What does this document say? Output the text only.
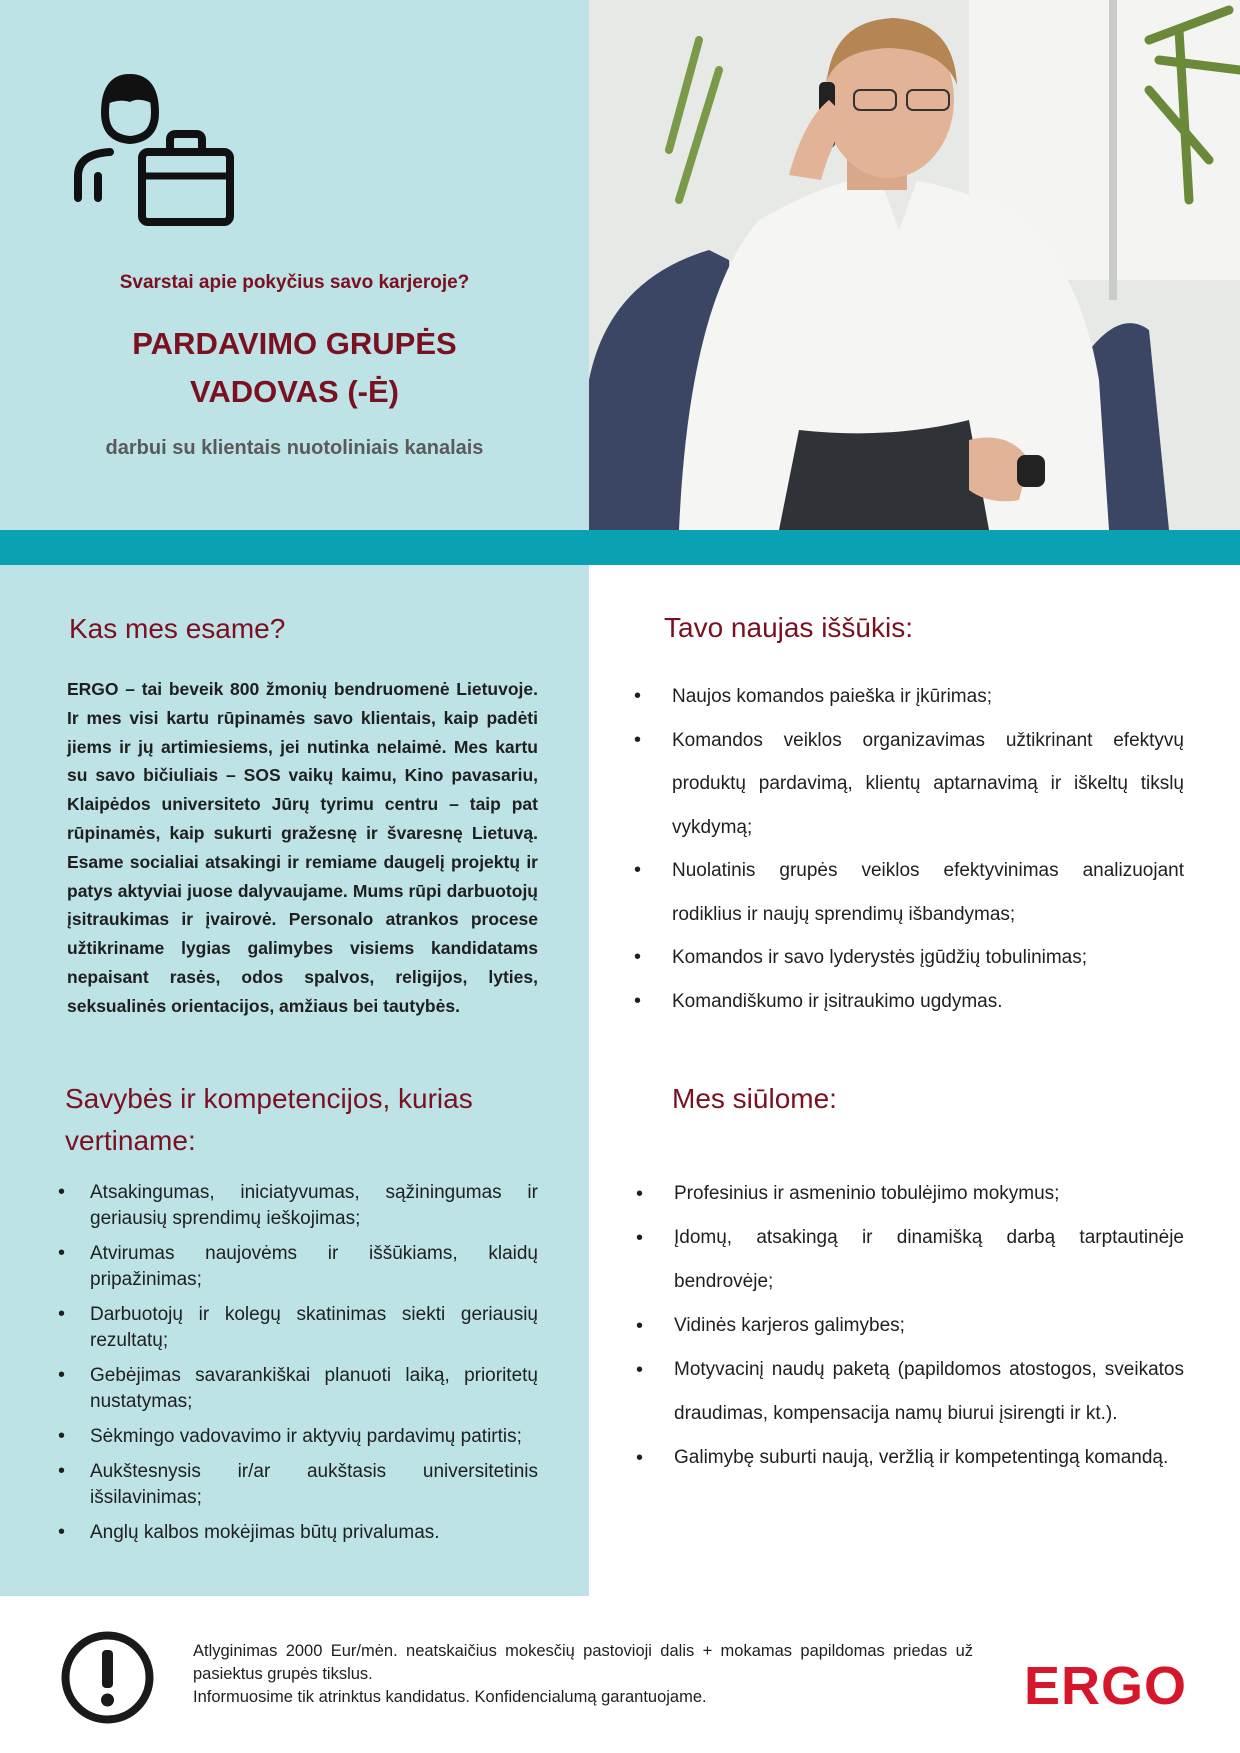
Svarstai apie pokyčius savo karjeroje?
PARDAVIMO GRUPĖS
VADOVAS (-Ė)
darbui su klientais nuotoliniais kanalais
Kas mes esame?
ERGO – tai beveik 800 žmonių bendruomenė Lietuvoje. Ir mes visi kartu rūpinamės savo klientais, kaip padėti jiems ir jų artimiesiems, jei nutinka nelaimė. Mes kartu su savo bičiuliais – SOS vaikų kaimu, Kino pavasariu, Klaipėdos universiteto Jūrų tyrimu centru – taip pat rūpinamės, kaip sukurti gražesnę ir švaresnę Lietuvą. Esame socialiai atsakingi ir remiame daugelį projektų ir patys aktyviai juose dalyvaujame. Mums rūpi darbuotojų įsitraukimas ir įvairovė. Personalo atrankos procese užtikriname lygias galimybes visiems kandidatams nepaisant rasės, odos spalvos, religijos, lyties, seksualinės orientacijos, amžiaus bei tautybės.
Savybės ir kompetencijos, kurias
vertiname:
• Atsakingumas, iniciatyvumas, sąžiningumas ir geriausių sprendimų ieškojimas;
• Atvirumas naujovėms ir iššūkiams, klaidų pripažinimas;
• Darbuotojų ir kolegų skatinimas siekti geriausių rezultatų;
• Gebėjimas savarankiškai planuoti laiką, prioritetų nustatymas;
• Sėkmingo vadovavimo ir aktyvių pardavimų patirtis;
• Aukštesnysis ir/ar aukštasis universitetinis išsilavinimas;
• Anglų kalbos mokėjimas būtų privalumas.
Tavo naujas iššūkis:
• Naujos komandos paieška ir įkūrimas;
• Komandos veiklos organizavimas užtikrinant efektyvų produktų pardavimą, klientų aptarnavimą ir iškeltų tikslų vykdymą;
• Nuolatinis grupės veiklos efektyvinimas analizuojant rodiklius ir naujų sprendimų išbandymas;
• Komandos ir savo lyderystės įgūdžių tobulinimas;
• Komandiškumo ir įsitraukimo ugdymas.
Mes siūlome:
• Profesinius ir asmeninio tobulėjimo mokymus;
• Įdomų, atsakingą ir dinamišką darbą tarptautinėje bendrovėje;
• Vidinės karjeros galimybes;
• Motyvacinį naudų paketą (papildomos atostogos, sveikatos draudimas, kompensacija namų biurui įsirengti ir kt.).
• Galimybę suburti naują, veržlią ir kompetentingą komandą.

Atlyginimas 2000 Eur/mėn. neatskaičius mokesčių pastovioji dalis + mokamas papildomas priedas už pasiektus grupės tikslus.

Informuosime tik atrinktus kandidatus. Konfidencialumą garantuojame.	ERGO
